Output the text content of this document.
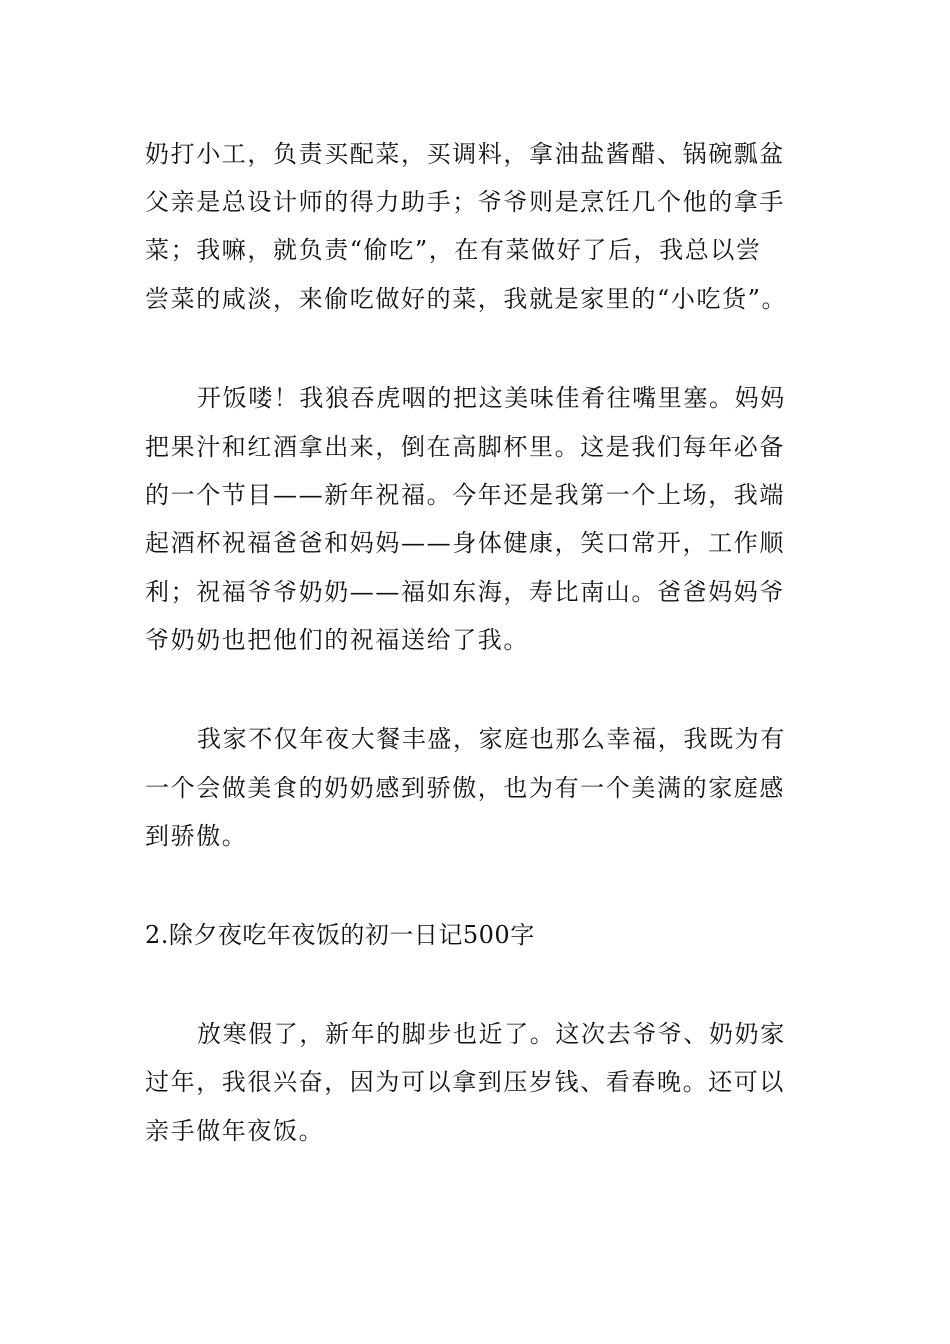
奶打小工，负责买配菜，买调料，拿油盐酱醋、锅碗瓢盆
父亲是总设计师的得力助手；爷爷则是烹饪几个他的拿手
菜；我嘛，就负责“偷吃”，在有菜做好了后，我总以尝
尝菜的咸淡，来偷吃做好的菜，我就是家里的“小吃货”。
开饭喽！我狼吞虎咽的把这美味佳肴往嘴里塞。妈妈
把果汁和红酒拿出来，倒在高脚杯里。这是我们每年必备
的一个节目——新年祝福。今年还是我第一个上场，我端
起酒杯祝福爸爸和妈妈——身体健康，笑口常开，工作顺
利；祝福爷爷奶奶——福如东海，寿比南山。爸爸妈妈爷
爷奶奶也把他们的祝福送给了我。
我家不仅年夜大餐丰盛，家庭也那么幸福，我既为有
一个会做美食的奶奶感到骄傲，也为有一个美满的家庭感
到骄傲。
2.除夕夜吃年夜饭的初一日记500字
放寒假了，新年的脚步也近了。这次去爷爷、奶奶家
过年，我很兴奋，因为可以拿到压岁钱、看春晚。还可以
亲手做年夜饭。
